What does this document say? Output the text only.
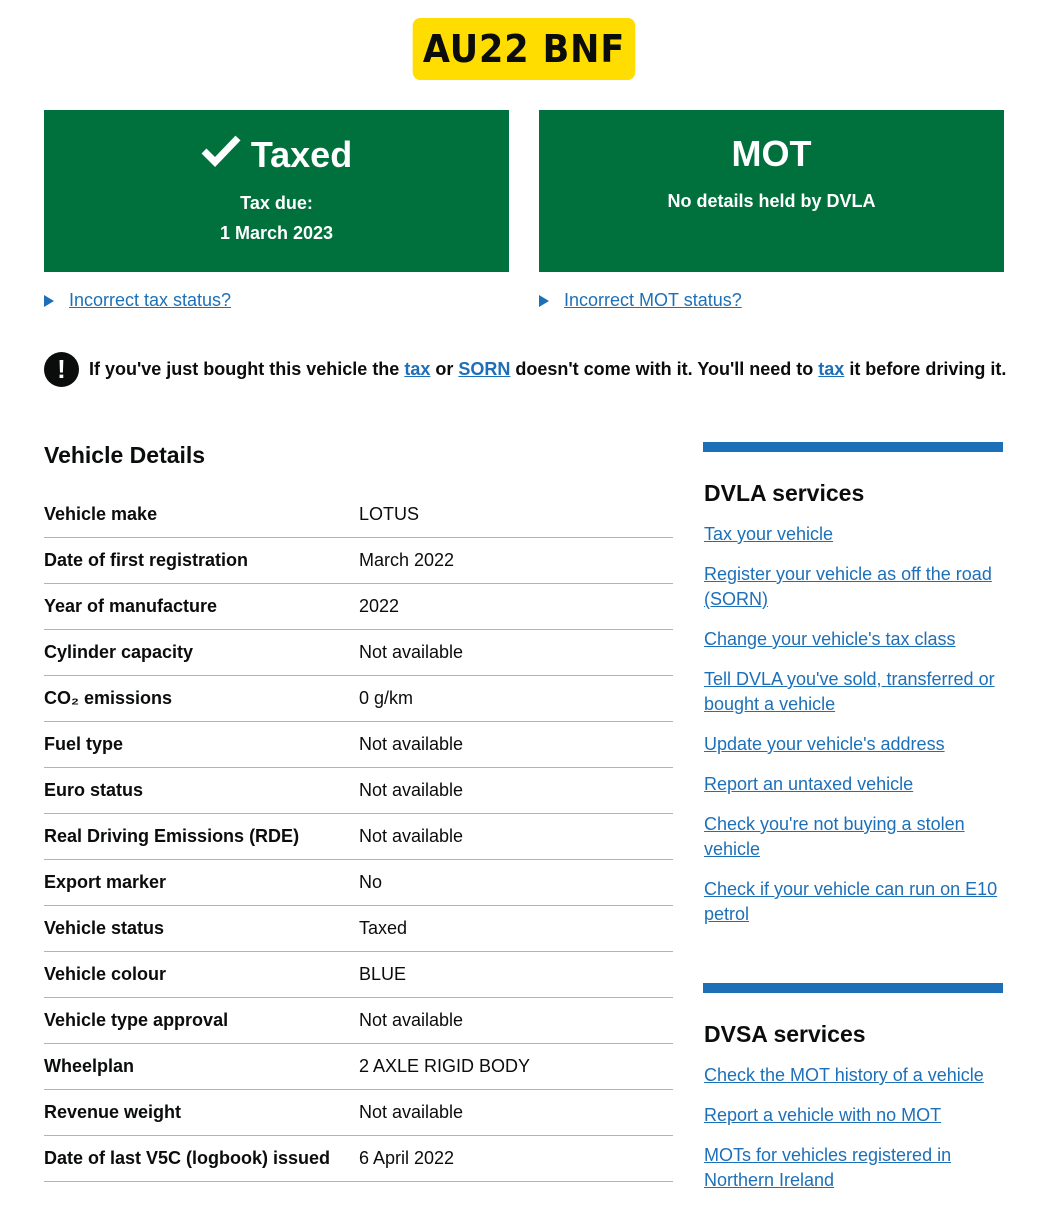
AU22 BNF
Taxed
Tax due:
1 March 2023
MOT
No details held by DVLA
Incorrect tax status?	Incorrect MOT status?
!	If you've just bought this vehicle the tax or SORN doesn't come with it. You'll need to tax it before driving it.
Vehicle Details
Vehicle make	LOTUS
Date of first registration	March 2022
Year of manufacture	2022
Cylinder capacity	Not available
CO₂ emissions	0 g/km
Fuel type	Not available
Euro status	Not available
Real Driving Emissions (RDE)	Not available
Export marker	No
Vehicle status	Taxed
Vehicle colour	BLUE
Vehicle type approval	Not available
Wheelplan	2 AXLE RIGID BODY
Revenue weight	Not available
Date of last V5C (logbook) issued	6 April 2022
DVLA services
Tax your vehicle
Register your vehicle as off the road (SORN)
Change your vehicle's tax class
Tell DVLA you've sold, transferred or bought a vehicle
Update your vehicle's address
Report an untaxed vehicle
Check you're not buying a stolen vehicle
Check if your vehicle can run on E10 petrol
DVSA services
Check the MOT history of a vehicle
Report a vehicle with no MOT
MOTs for vehicles registered in Northern Ireland
